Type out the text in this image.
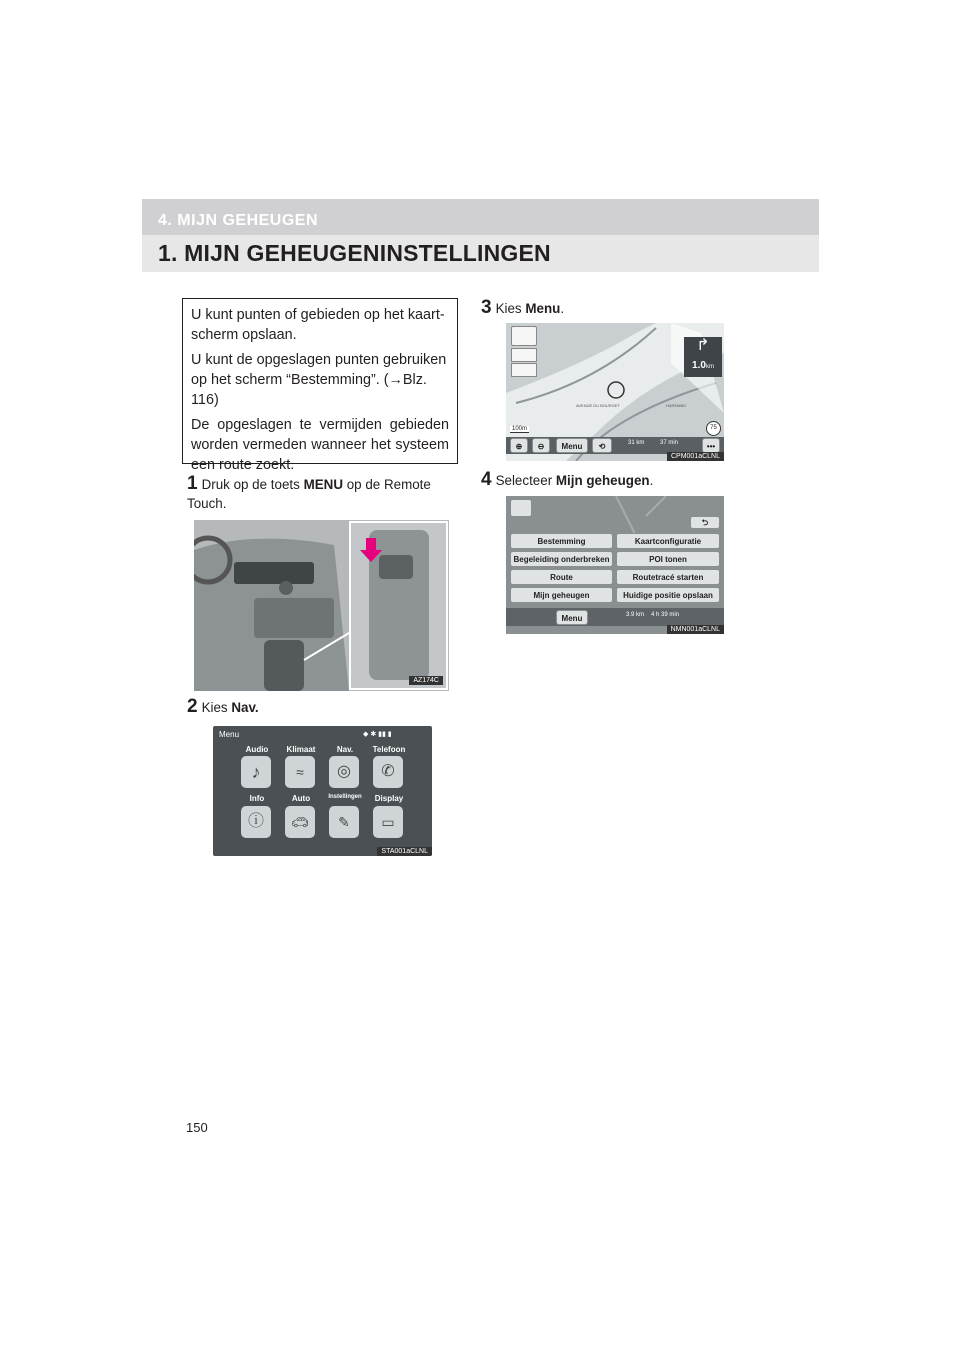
4. MIJN GEHEUGEN
1. MIJN GEHEUGENINSTELLINGEN

U kunt punten of gebieden op het kaart-scherm opslaan.

U kunt de opgeslagen punten gebruiken op het scherm “Bestemming”. (→Blz. 116)

De opgeslagen te vermijden gebieden worden vermeden wanneer het systeem een route zoekt.

1 Druk op de toets MENU op de Remote Touch.
AZ174C
2 Kies Nav.
Menu	◆ ✱ ▮▮ ▮
Audio	Klimaat	Nav.	Telefoon
♪	≈	◎	✆
Info	Auto	Instellingen	Display
ⓘ	🚗︎	✎	▭
STA001aCLNL
3 Kies Menu.
↱
1.0km
AVENUE DU BOURGET	HAREMBG
75
100m
⊕	⊖	Menu	⟲	31 km	37 min	•••
CPM001aCLNL
4 Selecteer Mijn geheugen.
⮌
Bestemming	Kaartconfiguratie
Begeleiding onderbreken	POI tonen
Route	Routetracé starten
Mijn geheugen	Huidige positie opslaan
Menu	3.9 km 4 h 39 min
NMN001aCLNL
150
